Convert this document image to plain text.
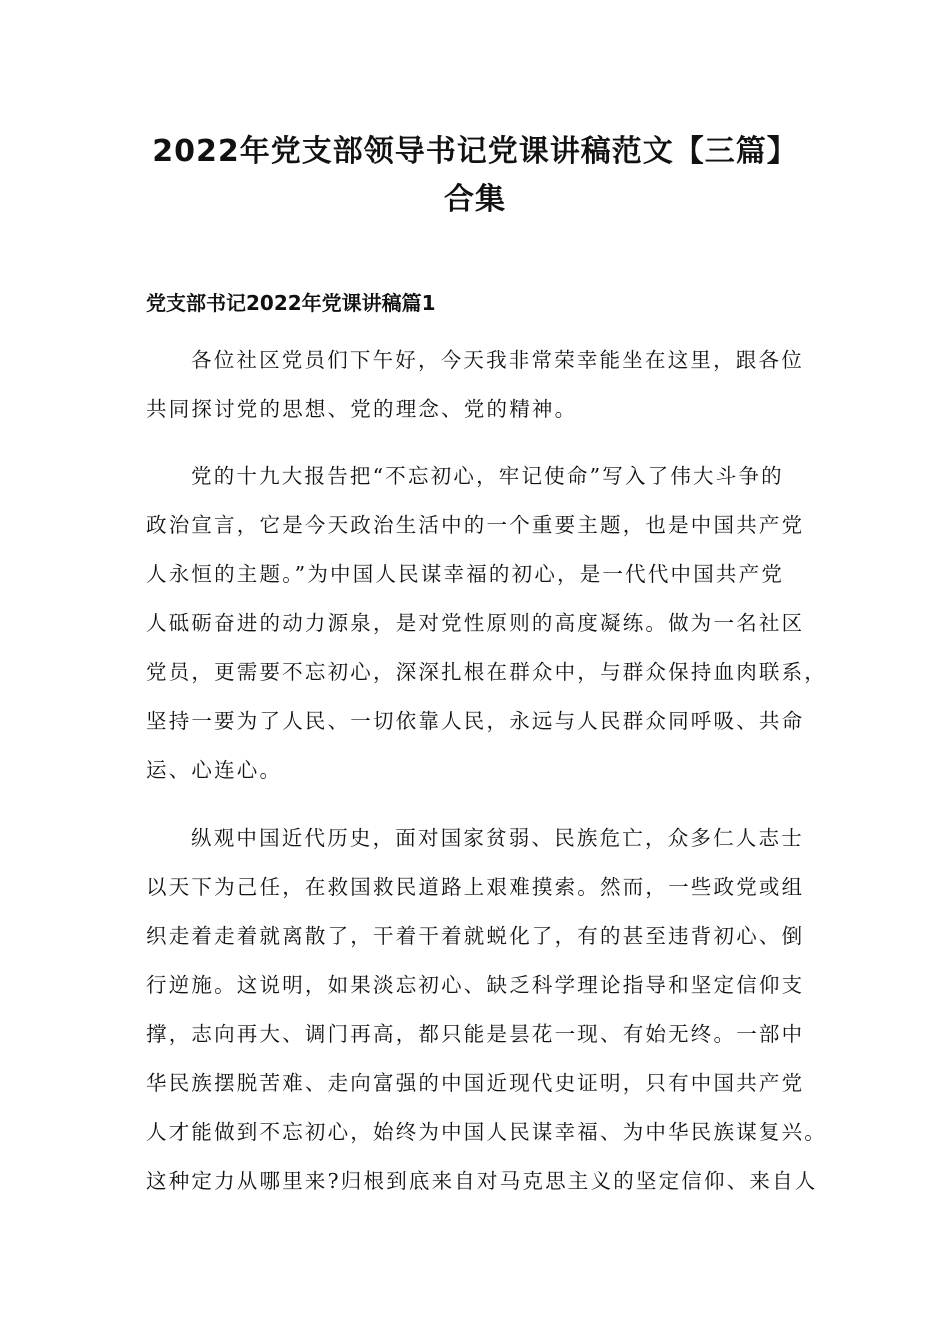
2022年党支部领导书记党课讲稿范文【三篇】
合集
党支部书记2022年党课讲稿篇1
各位社区党员们下午好，今天我非常荣幸能坐在这里，跟各位
共同探讨党的思想、党的理念、党的精神。
党的十九大报告把“不忘初心，牢记使命”写入了伟大斗争的
政治宣言，它是今天政治生活中的一个重要主题，也是中国共产党
人永恒的主题。”为中国人民谋幸福的初心，是一代代中国共产党
人砥砺奋进的动力源泉，是对党性原则的高度凝练。做为一名社区
党员，更需要不忘初心，深深扎根在群众中，与群众保持血肉联系，
坚持一要为了人民、一切依靠人民，永远与人民群众同呼吸、共命
运、心连心。
纵观中国近代历史，面对国家贫弱、民族危亡，众多仁人志士
以天下为己任，在救国救民道路上艰难摸索。然而，一些政党或组
织走着走着就离散了，干着干着就蜕化了，有的甚至违背初心、倒
行逆施。这说明，如果淡忘初心、缺乏科学理论指导和坚定信仰支
撑，志向再大、调门再高，都只能是昙花一现、有始无终。一部中
华民族摆脱苦难、走向富强的中国近现代史证明，只有中国共产党
人才能做到不忘初心，始终为中国人民谋幸福、为中华民族谋复兴。
这种定力从哪里来?归根到底来自对马克思主义的坚定信仰、来自人
